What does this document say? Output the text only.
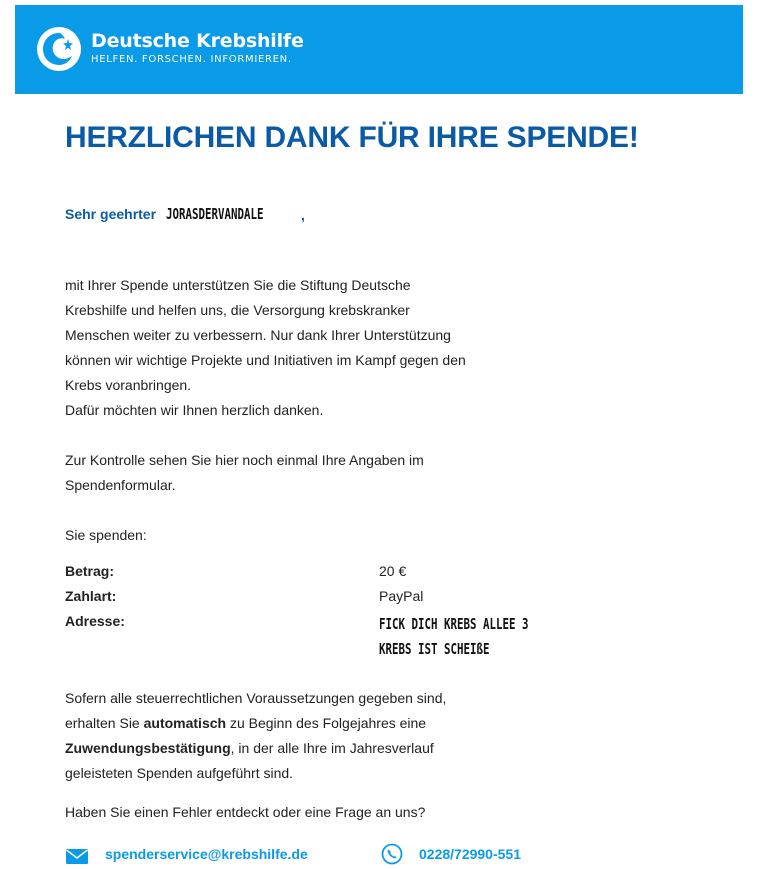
Deutsche Krebshilfe
HELFEN. FORSCHEN. INFORMIEREN.
HERZLICHEN DANK FÜR IHRE SPENDE!
Sehr geehrter JORASDERVANDALE	,
mit Ihrer Spende unterstützen Sie die Stiftung Deutsche
Krebshilfe und helfen uns, die Versorgung krebskranker
Menschen weiter zu verbessern. Nur dank Ihrer Unterstützung
können wir wichtige Projekte und Initiativen im Kampf gegen den
Krebs voranbringen.
Dafür möchten wir Ihnen herzlich danken.
Zur Kontrolle sehen Sie hier noch einmal Ihre Angaben im
Spendenformular.
Sie spenden:
Betrag:	20 €
Zahlart:	PayPal
Adresse:	FICK DICH KREBS ALLEE 3
KREBS IST SCHEIßE
Sofern alle steuerrechtlichen Voraussetzungen gegeben sind,
erhalten Sie automatisch zu Beginn des Folgejahres eine
Zuwendungsbestätigung, in der alle Ihre im Jahresverlauf
geleisteten Spenden aufgeführt sind.
Haben Sie einen Fehler entdeckt oder eine Frage an uns?
spenderservice@krebshilfe.de	0228/72990-551
